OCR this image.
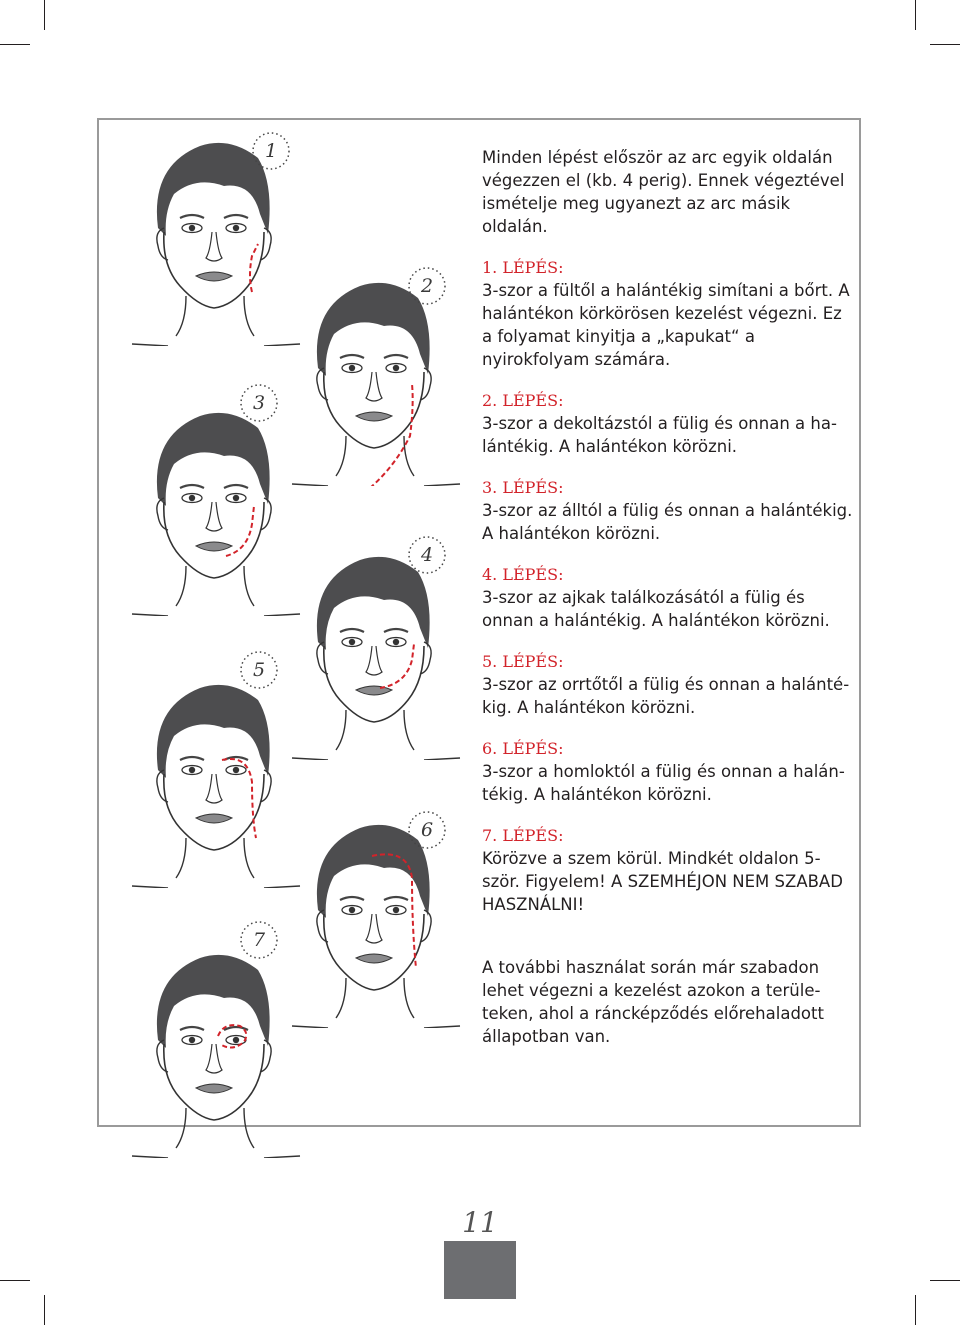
1
2
3
4
5
6
7

Minden lépést először az arc egyik oldalán végezzen el (kb. 4 perig). Ennek végeztével ismételje meg ugyanezt az arc másik oldalán.

1. LÉPÉS:
3-szor a fültől a halántékig simítani a bőrt. A halántékon körkörösen kezelést végezni. Ez a folyamat kinyitja a „kapukat“ a nyirokfolyam számára.
2. LÉPÉS:
3-szor a dekoltázstól a fülig és onnan a halántékig. A halántékon körözni.
3. LÉPÉS:
3-szor az álltól a fülig és onnan a halántékig. A halántékon körözni.
4. LÉPÉS:
3-szor az ajkak találkozásától a fülig és onnan a halántékig. A halántékon körözni.
5. LÉPÉS:
3-szor az orrtőtől a fülig és onnan a halántékig. A halántékon körözni.
6. LÉPÉS:
3-szor a homloktól a fülig és onnan a halántékig. A halántékon körözni.
7. LÉPÉS:
Körözve a szem körül. Mindkét oldalon 5-ször. Figyelem! A SZEMHÉJON NEM SZABAD HASZNÁLNI!

A további használat során már szabadon lehet végezni a kezelést azokon a területeken, ahol a ráncképződés előrehaladott állapotban van.

11
